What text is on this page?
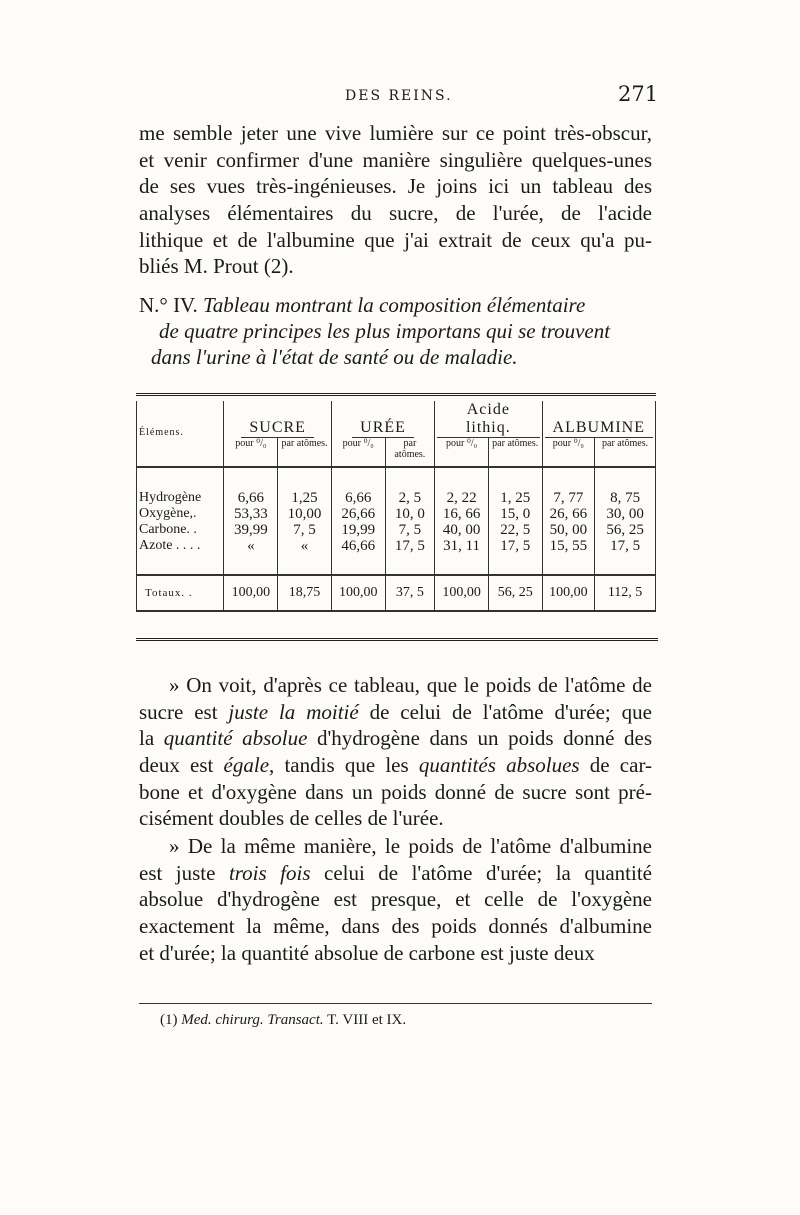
DES REINS.	271
me semble jeter une vive lumière sur ce point très-obscur,
et venir confirmer d'une manière singulière quelques-unes
de ses vues très-ingénieuses. Je joins ici un tableau des
analyses élémentaires du sucre, de l'urée, de l'acide
lithique et de l'albumine que j'ai extrait de ceux qu'a pu-
bliés M. Prout (2).
N.° IV. Tableau montrant la composition élémentaire
de quatre principes les plus importans qui se trouvent
dans l'urine à l'état de santé ou de maladie.
Élémens.	SUCRE		URÉE		Acide lithiq.		ALBUMINE	
	pour ⁰/₀	par atômes.	pour ⁰/₀	par atômes.	pour ⁰/₀	par atômes.	pour ⁰/₀	par atômes.

Hydrogène	6,66	1,25	6,66	2, 5	2, 22	1, 25	7, 77	8, 75
Oxygène,.	53,33	10,00	26,66	10, 0	16, 66	15, 0	26, 66	30, 00
Carbone. .	39,99	7, 5	19,99	7, 5	40, 00	22, 5	50, 00	56, 25
Azote . . . .	«	«	46,66	17, 5	31, 11	17, 5	15, 55	17, 5

Totaux. .	100,00	18,75	100,00	37, 5	100,00	56, 25	100,00	112, 5
» On voit, d'après ce tableau, que le poids de l'atôme de
sucre est juste la moitié de celui de l'atôme d'urée; que
la quantité absolue d'hydrogène dans un poids donné des
deux est égale, tandis que les quantités absolues de car-
bone et d'oxygène dans un poids donné de sucre sont pré-
cisément doubles de celles de l'urée.
» De la même manière, le poids de l'atôme d'albumine
est juste trois fois celui de l'atôme d'urée; la quantité
absolue d'hydrogène est presque, et celle de l'oxygène
exactement la même, dans des poids donnés d'albumine
et d'urée; la quantité absolue de carbone est juste deux
(1) Med. chirurg. Transact. T. VIII et IX.
